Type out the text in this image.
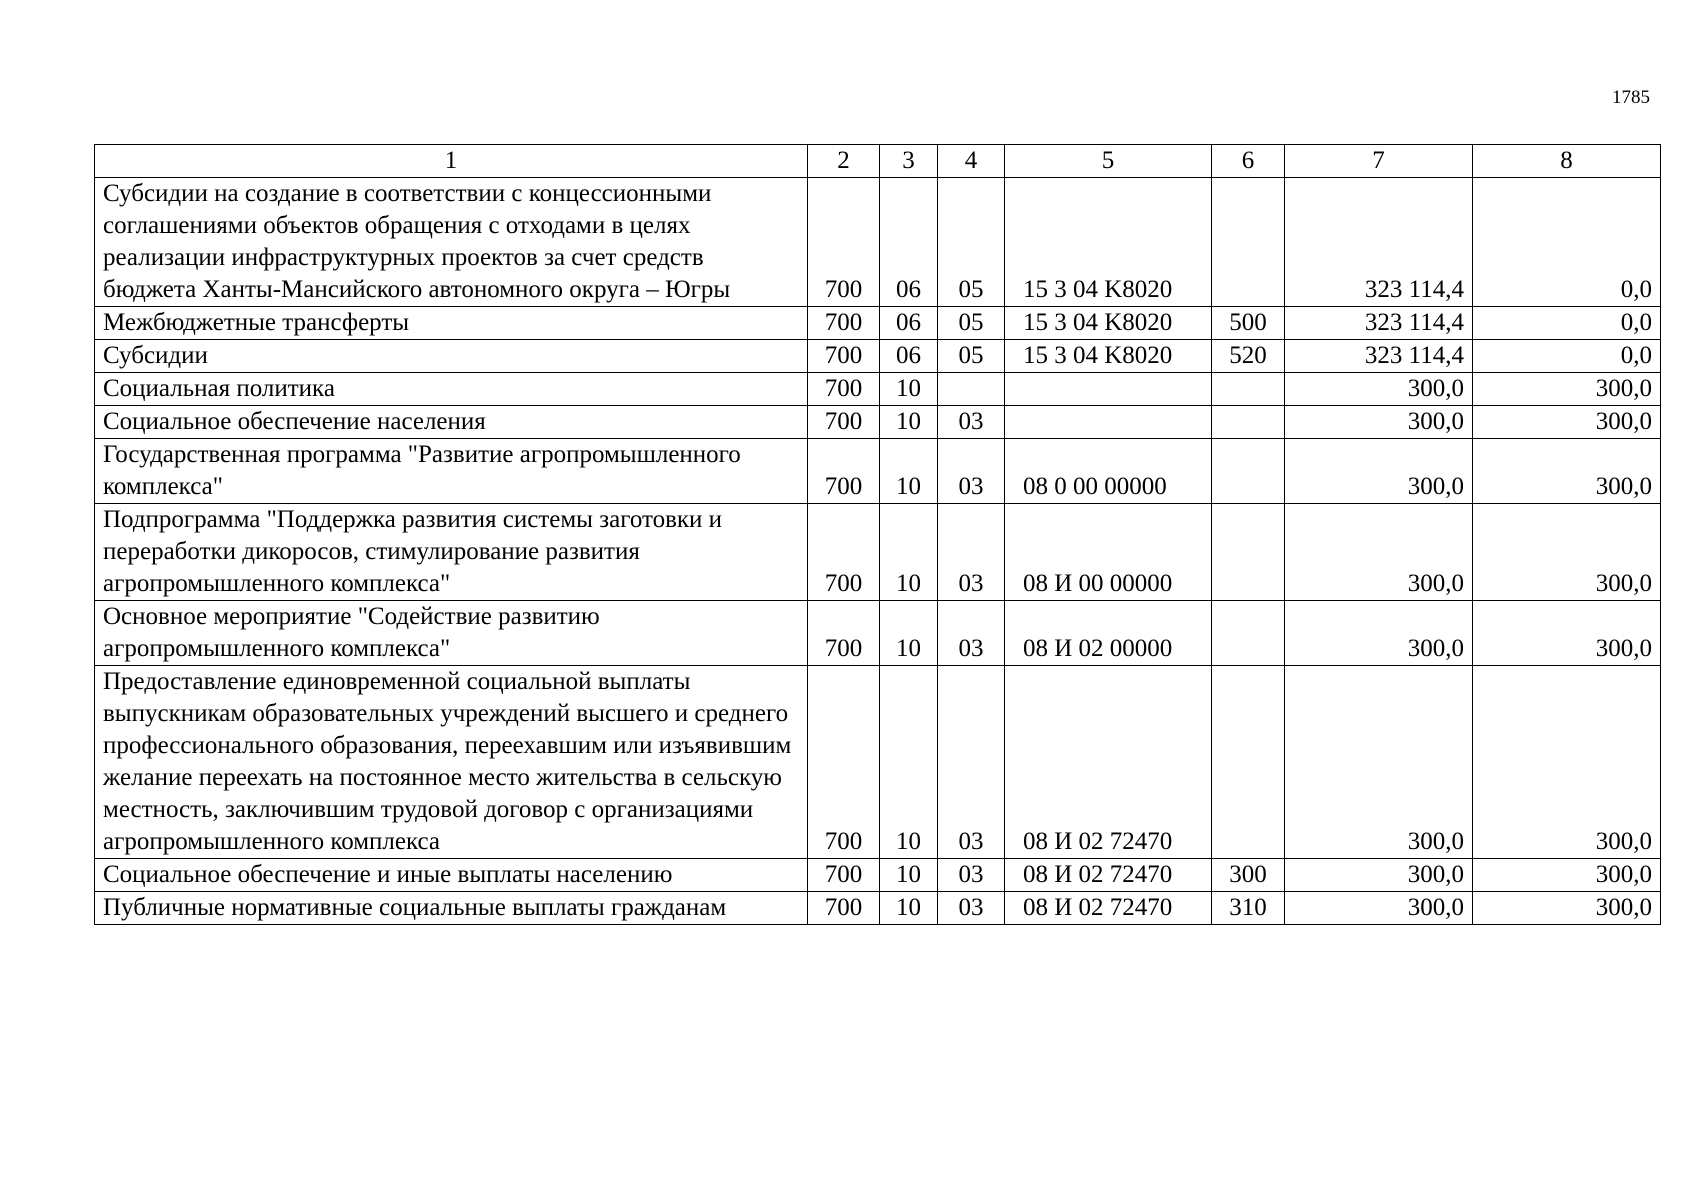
1785
1	2	3	4	5	6	7	8
Субсидии на создание в соответствии с концессионными соглашениями объектов обращения с отходами в целях реализации инфраструктурных проектов за счет средств бюджета Ханты-Мансийского автономного округа – Югры	700	06	05	15 3 04 K8020		323 114,4	0,0
Межбюджетные трансферты	700	06	05	15 3 04 K8020	500	323 114,4	0,0
Субсидии	700	06	05	15 3 04 K8020	520	323 114,4	0,0
Социальная политика	700	10				300,0	300,0
Социальное обеспечение населения	700	10	03			300,0	300,0
Государственная программа "Развитие агропромышленного комплекса"	700	10	03	08 0 00 00000		300,0	300,0
Подпрограмма "Поддержка развития системы заготовки и переработки дикоросов, стимулирование развития агропромышленного комплекса"	700	10	03	08 И 00 00000		300,0	300,0
Основное мероприятие "Содействие развитию агропромышленного комплекса"	700	10	03	08 И 02 00000		300,0	300,0
Предоставление единовременной социальной выплаты выпускникам образовательных учреждений высшего и среднего профессионального образования, переехавшим или изъявившим желание переехать на постоянное место жительства в сельскую местность, заключившим трудовой договор с организациями агропромышленного комплекса	700	10	03	08 И 02 72470		300,0	300,0
Социальное обеспечение и иные выплаты населению	700	10	03	08 И 02 72470	300	300,0	300,0
Публичные нормативные социальные выплаты гражданам	700	10	03	08 И 02 72470	310	300,0	300,0
